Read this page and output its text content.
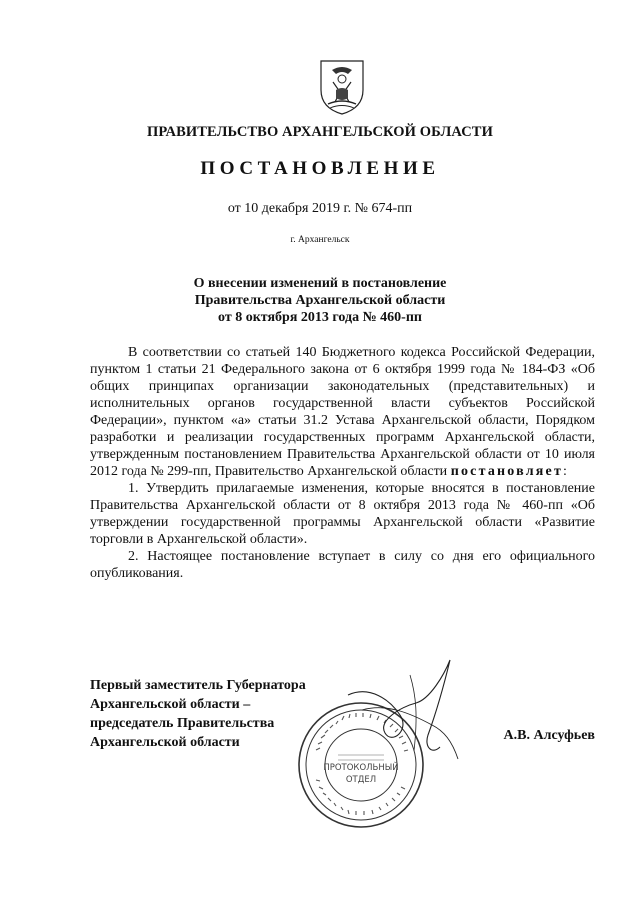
ПРАВИТЕЛЬСТВО АРХАНГЕЛЬСКОЙ ОБЛАСТИ
ПОСТАНОВЛЕНИЕ
от 10 декабря 2019 г. № 674-пп
г. Архангельск
О внесении изменений в постановление
Правительства Архангельской области
от 8 октября 2013 года № 460-пп

В соответствии со статьей 140 Бюджетного кодекса Российской Федерации, пунктом 1 статьи 21 Федерального закона от 6 октября 1999 года № 184-ФЗ «Об общих принципах организации законодательных (представительных) и исполнительных органов государственной власти субъектов Российской Федерации», пунктом «а» статьи 31.2 Устава Архангельской области, Порядком разработки и реализации государственных программ Архангельской области, утвержденным постановлением Правительства Архангельской области от 10 июля 2012 года № 299-пп, Правительство Архангельской области постановляет:

1. Утвердить прилагаемые изменения, которые вносятся в постановление Правительства Архангельской области от 8 октября 2013 года № 460-пп «Об утверждении государственной программы Архангельской области «Развитие торговли в Архангельской области».

2. Настоящее постановление вступает в силу со дня его официального опубликования.

Первый заместитель Губернатора
Архангельской области –
председатель Правительства
Архангельской области	А.В. Алсуфьев
ПРОТОКОЛЬНЫЙ
ОТДЕЛ
